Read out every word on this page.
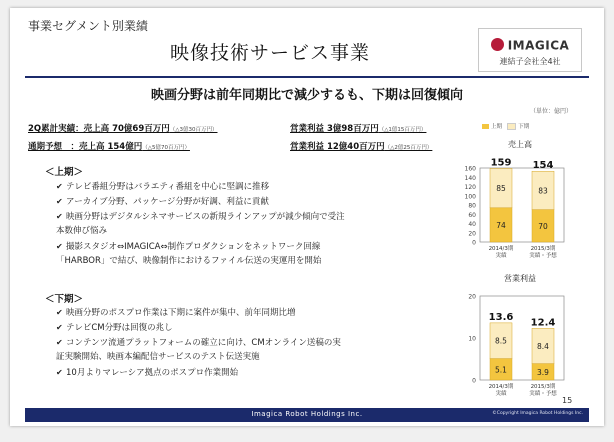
事業セグメント別業績
映像技術サービス事業	IMAGICA
連結子会社全4社
映画分野は前年同期比で減少するも、下期は回復傾向
（単位：億円）
2Q累計実績：売上高 70億69百万円（△3億30百万円）	営業利益 3億98百万円（△1億15百万円）
通期予想　：売上高 154億円（△5億70百万円）	営業利益 12億40百万円（△2億25百万円）
上期	下期
＜上期＞
✔ テレビ番組分野はバラエティ番組を中心に堅調に推移
✔ アーカイブ分野、パッケージ分野が好調、利益に貢献
✔ 映画分野はデジタルシネマサービスの新規ラインアップが減少傾向で受注
本数伸び悩み
✔ 撮影スタジオ⇔IMAGICA⇔制作プロダクションをネットワーク回線
「HARBOR」で結び、映像制作におけるファイル伝送の実運用を開始
＜下期＞
✔ 映画分野のポスプロ作業は下期に案件が集中、前年同期比増
✔ テレビCM分野は回復の兆し
✔ コンテンツ流通プラットフォームの確立に向け、CMオンライン送稿の実
証実験開始、映画本編配信サービスのテスト伝送実施
✔ 10月よりマレーシア拠点のポスプロ作業開始
売上高
0
20
40
60
80
100
120
140
160
74
85
159
2014/3期実績
70
83
154
2015/3期実績・予想
営業利益
0
10
20
5.1
8.5
13.6
2014/3期実績
3.9
8.4
12.4
2015/3期実績・予想
15
Imagica Robot Holdings Inc.	©Copyright Imagica Robot Holdings Inc.
